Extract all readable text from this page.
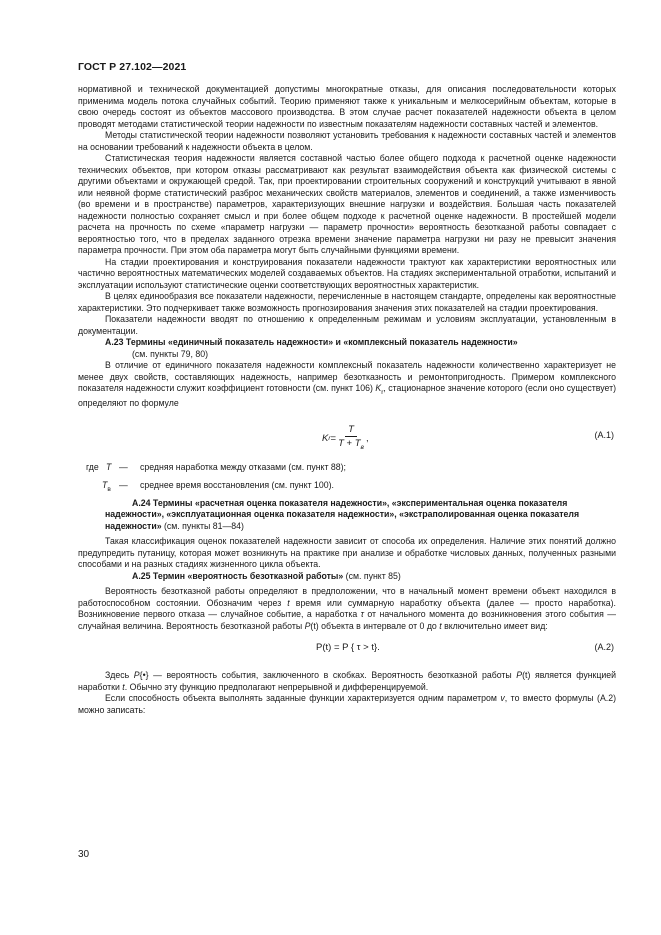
ГОСТ Р 27.102—2021

нормативной и технической документацией допустимы многократные отказы, для описания последовательности которых применима модель потока случайных событий. Теорию применяют также к уникальным и мелкосерийным объектам, которые в свою очередь состоят из объектов массового производства. В этом случае расчет показателей надежности объекта в целом проводят методами статистической теории надежности по известным показателям надежности составных частей и элементов.

Методы статистической теории надежности позволяют установить требования к надежности составных частей и элементов на основании требований к надежности объекта в целом.

Статистическая теория надежности является составной частью более общего подхода к расчетной оценке надежности технических объектов, при котором отказы рассматривают как результат взаимодействия объекта как физической системы с другими объектами и окружающей средой. Так, при проектировании строительных сооружений и конструкций учитывают в явной или неявной форме статистический разброс механических свойств материалов, элементов и соединений, а также изменчивость (во времени и в пространстве) параметров, характеризующих внешние нагрузки и воздействия. Большая часть показателей надежности полностью сохраняет смысл и при более общем подходе к расчетной оценке надежности. В простейшей модели расчета на прочность по схеме «параметр нагрузки — параметр прочности» вероятность безотказной работы совпадает с вероятностью того, что в пределах заданного отрезка времени значение параметра нагрузки ни разу не превысит значения параметра прочности. При этом оба параметра могут быть случайными функциями времени.

На стадии проектирования и конструирования показатели надежности трактуют как характеристики вероятностных или частично вероятностных математических моделей создаваемых объектов. На стадиях экспериментальной отработки, испытаний и эксплуатации используют статистические оценки соответствующих вероятностных характеристик.

В целях единообразия все показатели надежности, перечисленные в настоящем стандарте, определены как вероятностные характеристики. Это подчеркивает также возможность прогнозирования значения этих показателей на стадии проектирования.

Показатели надежности вводят по отношению к определенным режимам и условиям эксплуатации, установленным в документации.

А.23 Термины «единичный показатель надежности» и «комплексный показатель надежности»

(см. пункты 79, 80)

В отличие от единичного показателя надежности комплексный показатель надежности количественно характеризует не менее двух свойств, составляющих надежность, например безотказность и ремонтопригодность. Примером комплексного показателя надежности служит коэффициент готовности (см. пункт 106) $K_r$, стационарное значение которого (если оно существует) определяют по формуле

K $r = \frac{T}{T + T_в}$ ,	(А.1)
где T — средняя наработка между отказами (см. пункт 88);
$T_в$ — среднее время восстановления (см. пункт 100).

А.24 Термины «расчетная оценка показателя надежности», «экспериментальная оценка показателя надежности», «эксплуатационная оценка показателя надежности», «экстраполированная оценка показателя надежности» (см. пункты 81—84)

Такая классификация оценок показателей надежности зависит от способа их определения. Наличие этих понятий должно предупредить путаницу, которая может возникнуть на практике при анализе и обработке числовых данных, полученных разными способами и на разных стадиях жизненного цикла объекта.

А.25 Термин «вероятность безотказной работы» (см. пункт 85)

Вероятность безотказной работы определяют в предположении, что в начальный момент времени объект находился в работоспособном состоянии. Обозначим через t время или суммарную наработку объекта (далее — просто наработка). Возникновение первого отказа — случайное событие, а наработка τ от начального момента до возникновения этого события — случайная величина. Вероятность безотказной работы P(t) объекта в интервале от 0 до t включительно имеет вид:

P(t) = P { τ > t}.	(А.2)

Здесь P{•} — вероятность события, заключенного в скобках. Вероятность безотказной работы P(t) является функцией наработки t. Обычно эту функцию предполагают непрерывной и дифференцируемой.

Если способность объекта выполнять заданные функции характеризуется одним параметром v, то вместо формулы (А.2) можно записать:

30
